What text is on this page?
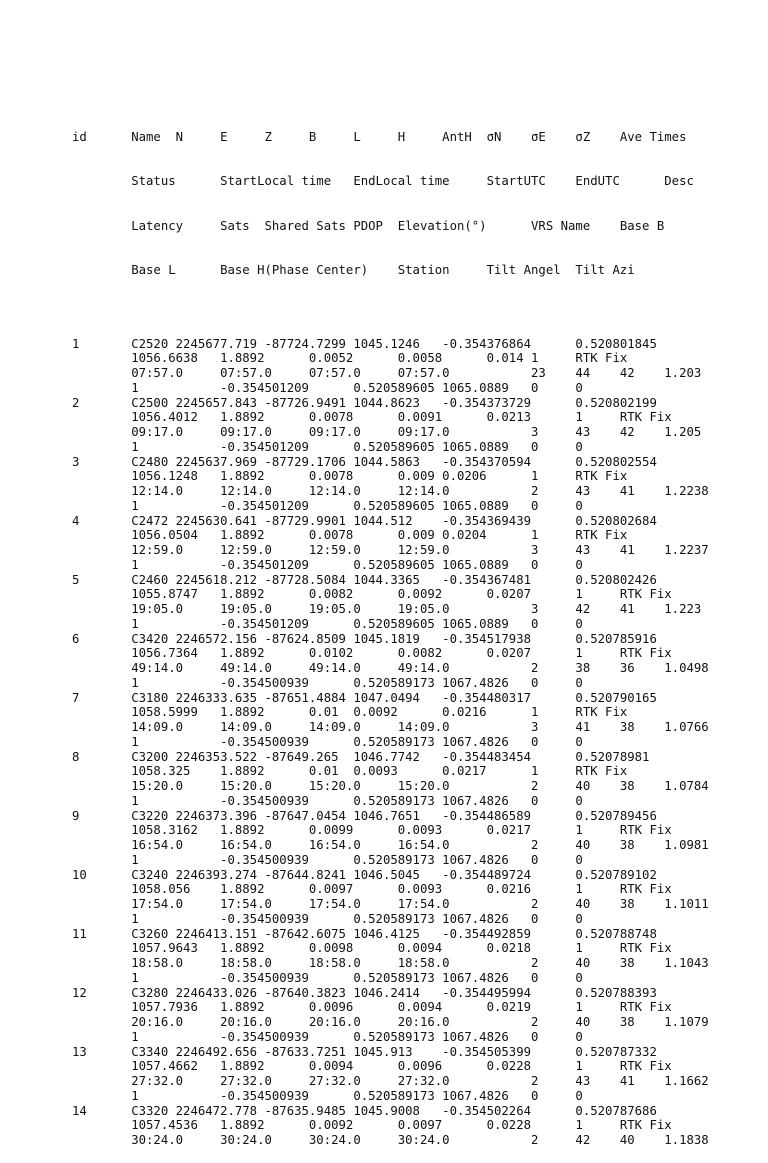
id      Name  N     E     Z     B     L     H     AntH  σN    σE    σZ    Ave Times

Status      StartLocal time   EndLocal time     StartUTC    EndUTC      Desc

Latency     Sats  Shared Sats PDOP  Elevation(°)      VRS Name    Base B

Base L      Base H(Phase Center)    Station     Tilt Angel  Tilt Azi

1       C2520 2245677.719 -87724.7299 1045.1246   -0.354376864      0.520801845
1056.6638   1.8892      0.0052      0.0058      0.014 1     RTK Fix
07:57.0     07:57.0     07:57.0     07:57.0           23    44    42    1.203
1           -0.354501209      0.520589605 1065.0889   0     0
2       C2500 2245657.843 -87726.9491 1044.8623   -0.354373729      0.520802199
1056.4012   1.8892      0.0078      0.0091      0.0213      1     RTK Fix
09:17.0     09:17.0     09:17.0     09:17.0           3     43    42    1.205
1           -0.354501209      0.520589605 1065.0889   0     0
3       C2480 2245637.969 -87729.1706 1044.5863   -0.354370594      0.520802554
1056.1248   1.8892      0.0078      0.009 0.0206      1     RTK Fix
12:14.0     12:14.0     12:14.0     12:14.0           2     43    41    1.2238
1           -0.354501209      0.520589605 1065.0889   0     0
4       C2472 2245630.641 -87729.9901 1044.512    -0.354369439      0.520802684
1056.0504   1.8892      0.0078      0.009 0.0204      1     RTK Fix
12:59.0     12:59.0     12:59.0     12:59.0           3     43    41    1.2237
1           -0.354501209      0.520589605 1065.0889   0     0
5       C2460 2245618.212 -87728.5084 1044.3365   -0.354367481      0.520802426
1055.8747   1.8892      0.0082      0.0092      0.0207      1     RTK Fix
19:05.0     19:05.0     19:05.0     19:05.0           3     42    41    1.223
1           -0.354501209      0.520589605 1065.0889   0     0
6       C3420 2246572.156 -87624.8509 1045.1819   -0.354517938      0.520785916
1056.7364   1.8892      0.0102      0.0082      0.0207      1     RTK Fix
49:14.0     49:14.0     49:14.0     49:14.0           2     38    36    1.0498
1           -0.354500939      0.520589173 1067.4826   0     0
7       C3180 2246333.635 -87651.4884 1047.0494   -0.354480317      0.520790165
1058.5999   1.8892      0.01  0.0092      0.0216      1     RTK Fix
14:09.0     14:09.0     14:09.0     14:09.0           3     41    38    1.0766
1           -0.354500939      0.520589173 1067.4826   0     0
8       C3200 2246353.522 -87649.265  1046.7742   -0.354483454      0.52078981
1058.325    1.8892      0.01  0.0093      0.0217      1     RTK Fix
15:20.0     15:20.0     15:20.0     15:20.0           2     40    38    1.0784
1           -0.354500939      0.520589173 1067.4826   0     0
9       C3220 2246373.396 -87647.0454 1046.7651   -0.354486589      0.520789456
1058.3162   1.8892      0.0099      0.0093      0.0217      1     RTK Fix
16:54.0     16:54.0     16:54.0     16:54.0           2     40    38    1.0981
1           -0.354500939      0.520589173 1067.4826   0     0
10      C3240 2246393.274 -87644.8241 1046.5045   -0.354489724      0.520789102
1058.056    1.8892      0.0097      0.0093      0.0216      1     RTK Fix
17:54.0     17:54.0     17:54.0     17:54.0           2     40    38    1.1011
1           -0.354500939      0.520589173 1067.4826   0     0
11      C3260 2246413.151 -87642.6075 1046.4125   -0.354492859      0.520788748
1057.9643   1.8892      0.0098      0.0094      0.0218      1     RTK Fix
18:58.0     18:58.0     18:58.0     18:58.0           2     40    38    1.1043
1           -0.354500939      0.520589173 1067.4826   0     0
12      C3280 2246433.026 -87640.3823 1046.2414   -0.354495994      0.520788393
1057.7936   1.8892      0.0096      0.0094      0.0219      1     RTK Fix
20:16.0     20:16.0     20:16.0     20:16.0           2     40    38    1.1079
1           -0.354500939      0.520589173 1067.4826   0     0
13      C3340 2246492.656 -87633.7251 1045.913    -0.354505399      0.520787332
1057.4662   1.8892      0.0094      0.0096      0.0228      1     RTK Fix
27:32.0     27:32.0     27:32.0     27:32.0           2     43    41    1.1662
1           -0.354500939      0.520589173 1067.4826   0     0
14      C3320 2246472.778 -87635.9485 1045.9008   -0.354502264      0.520787686
1057.4536   1.8892      0.0092      0.0097      0.0228      1     RTK Fix
30:24.0     30:24.0     30:24.0     30:24.0           2     42    40    1.1838
